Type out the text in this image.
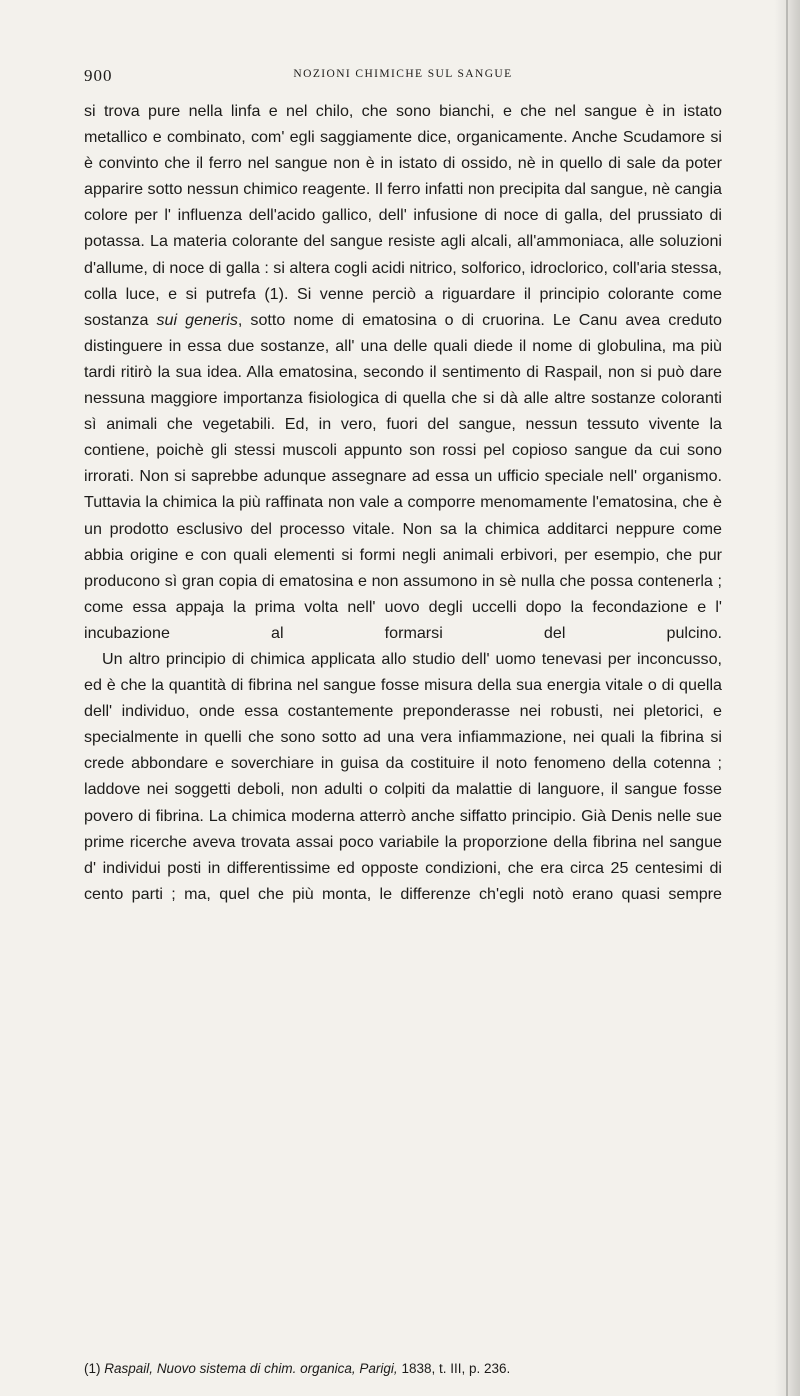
900	NOZIONI CHIMICHE SUL SANGUE

si trova pure nella linfa e nel chilo, che sono bianchi, e che nel sangue è in istato metallico e combinato, com' egli saggiamente dice, organicamente. Anche Scudamore si è convinto che il ferro nel sangue non è in istato di ossido, nè in quello di sale da poter apparire sotto nessun chimico reagente. Il ferro infatti non precipita dal sangue, nè cangia colore per l' influenza dell'acido gallico, dell' infusione di noce di galla, del prussiato di potassa. La materia colorante del sangue resiste agli alcali, all'ammoniaca, alle soluzioni d'allume, di noce di galla : si altera cogli acidi nitrico, solforico, idroclorico, coll'aria stessa, colla luce, e si putrefa (1). Si venne perciò a riguardare il principio colorante come sostanza sui generis, sotto nome di ematosina o di cruorina. Le Canu avea creduto distinguere in essa due sostanze, all' una delle quali diede il nome di globulina, ma più tardi ritirò la sua idea. Alla ematosina, secondo il sentimento di Raspail, non si può dare nessuna maggiore importanza fisiologica di quella che si dà alle altre sostanze coloranti sì animali che vegetabili. Ed, in vero, fuori del sangue, nessun tessuto vivente la contiene, poichè gli stessi muscoli appunto son rossi pel copioso sangue da cui sono irrorati. Non si saprebbe adunque assegnare ad essa un ufficio speciale nell' organismo. Tuttavia la chimica la più raffinata non vale a comporre menomamente l'ematosina, che è un prodotto esclusivo del processo vitale. Non sa la chimica additarci neppure come abbia origine e con quali elementi si formi negli animali erbivori, per esempio, che pur producono sì gran copia di ematosina e non assumono in sè nulla che possa contenerla ; come essa appaja la prima volta nell' uovo degli uccelli dopo la fecondazione e l' incubazione al formarsi del pulcino.

Un altro principio di chimica applicata allo studio dell' uomo tenevasi per inconcusso, ed è che la quantità di fibrina nel sangue fosse misura della sua energia vitale o di quella dell' individuo, onde essa costantemente preponderasse nei robusti, nei pletorici, e specialmente in quelli che sono sotto ad una vera infiammazione, nei quali la fibrina si crede abbondare e soverchiare in guisa da costituire il noto fenomeno della cotenna ; laddove nei soggetti deboli, non adulti o colpiti da malattie di languore, il sangue fosse povero di fibrina. La chimica moderna atterrò anche siffatto principio. Già Denis nelle sue prime ricerche aveva trovata assai poco variabile la proporzione della fibrina nel sangue d' individui posti in differentissime ed opposte condizioni, che era circa 25 centesimi di cento parti ; ma, quel che più monta, le differenze ch'egli notò erano quasi sempre

(1) Raspail, Nuovo sistema di chim. organica, Parigi, 1838, t. III, p. 236.
